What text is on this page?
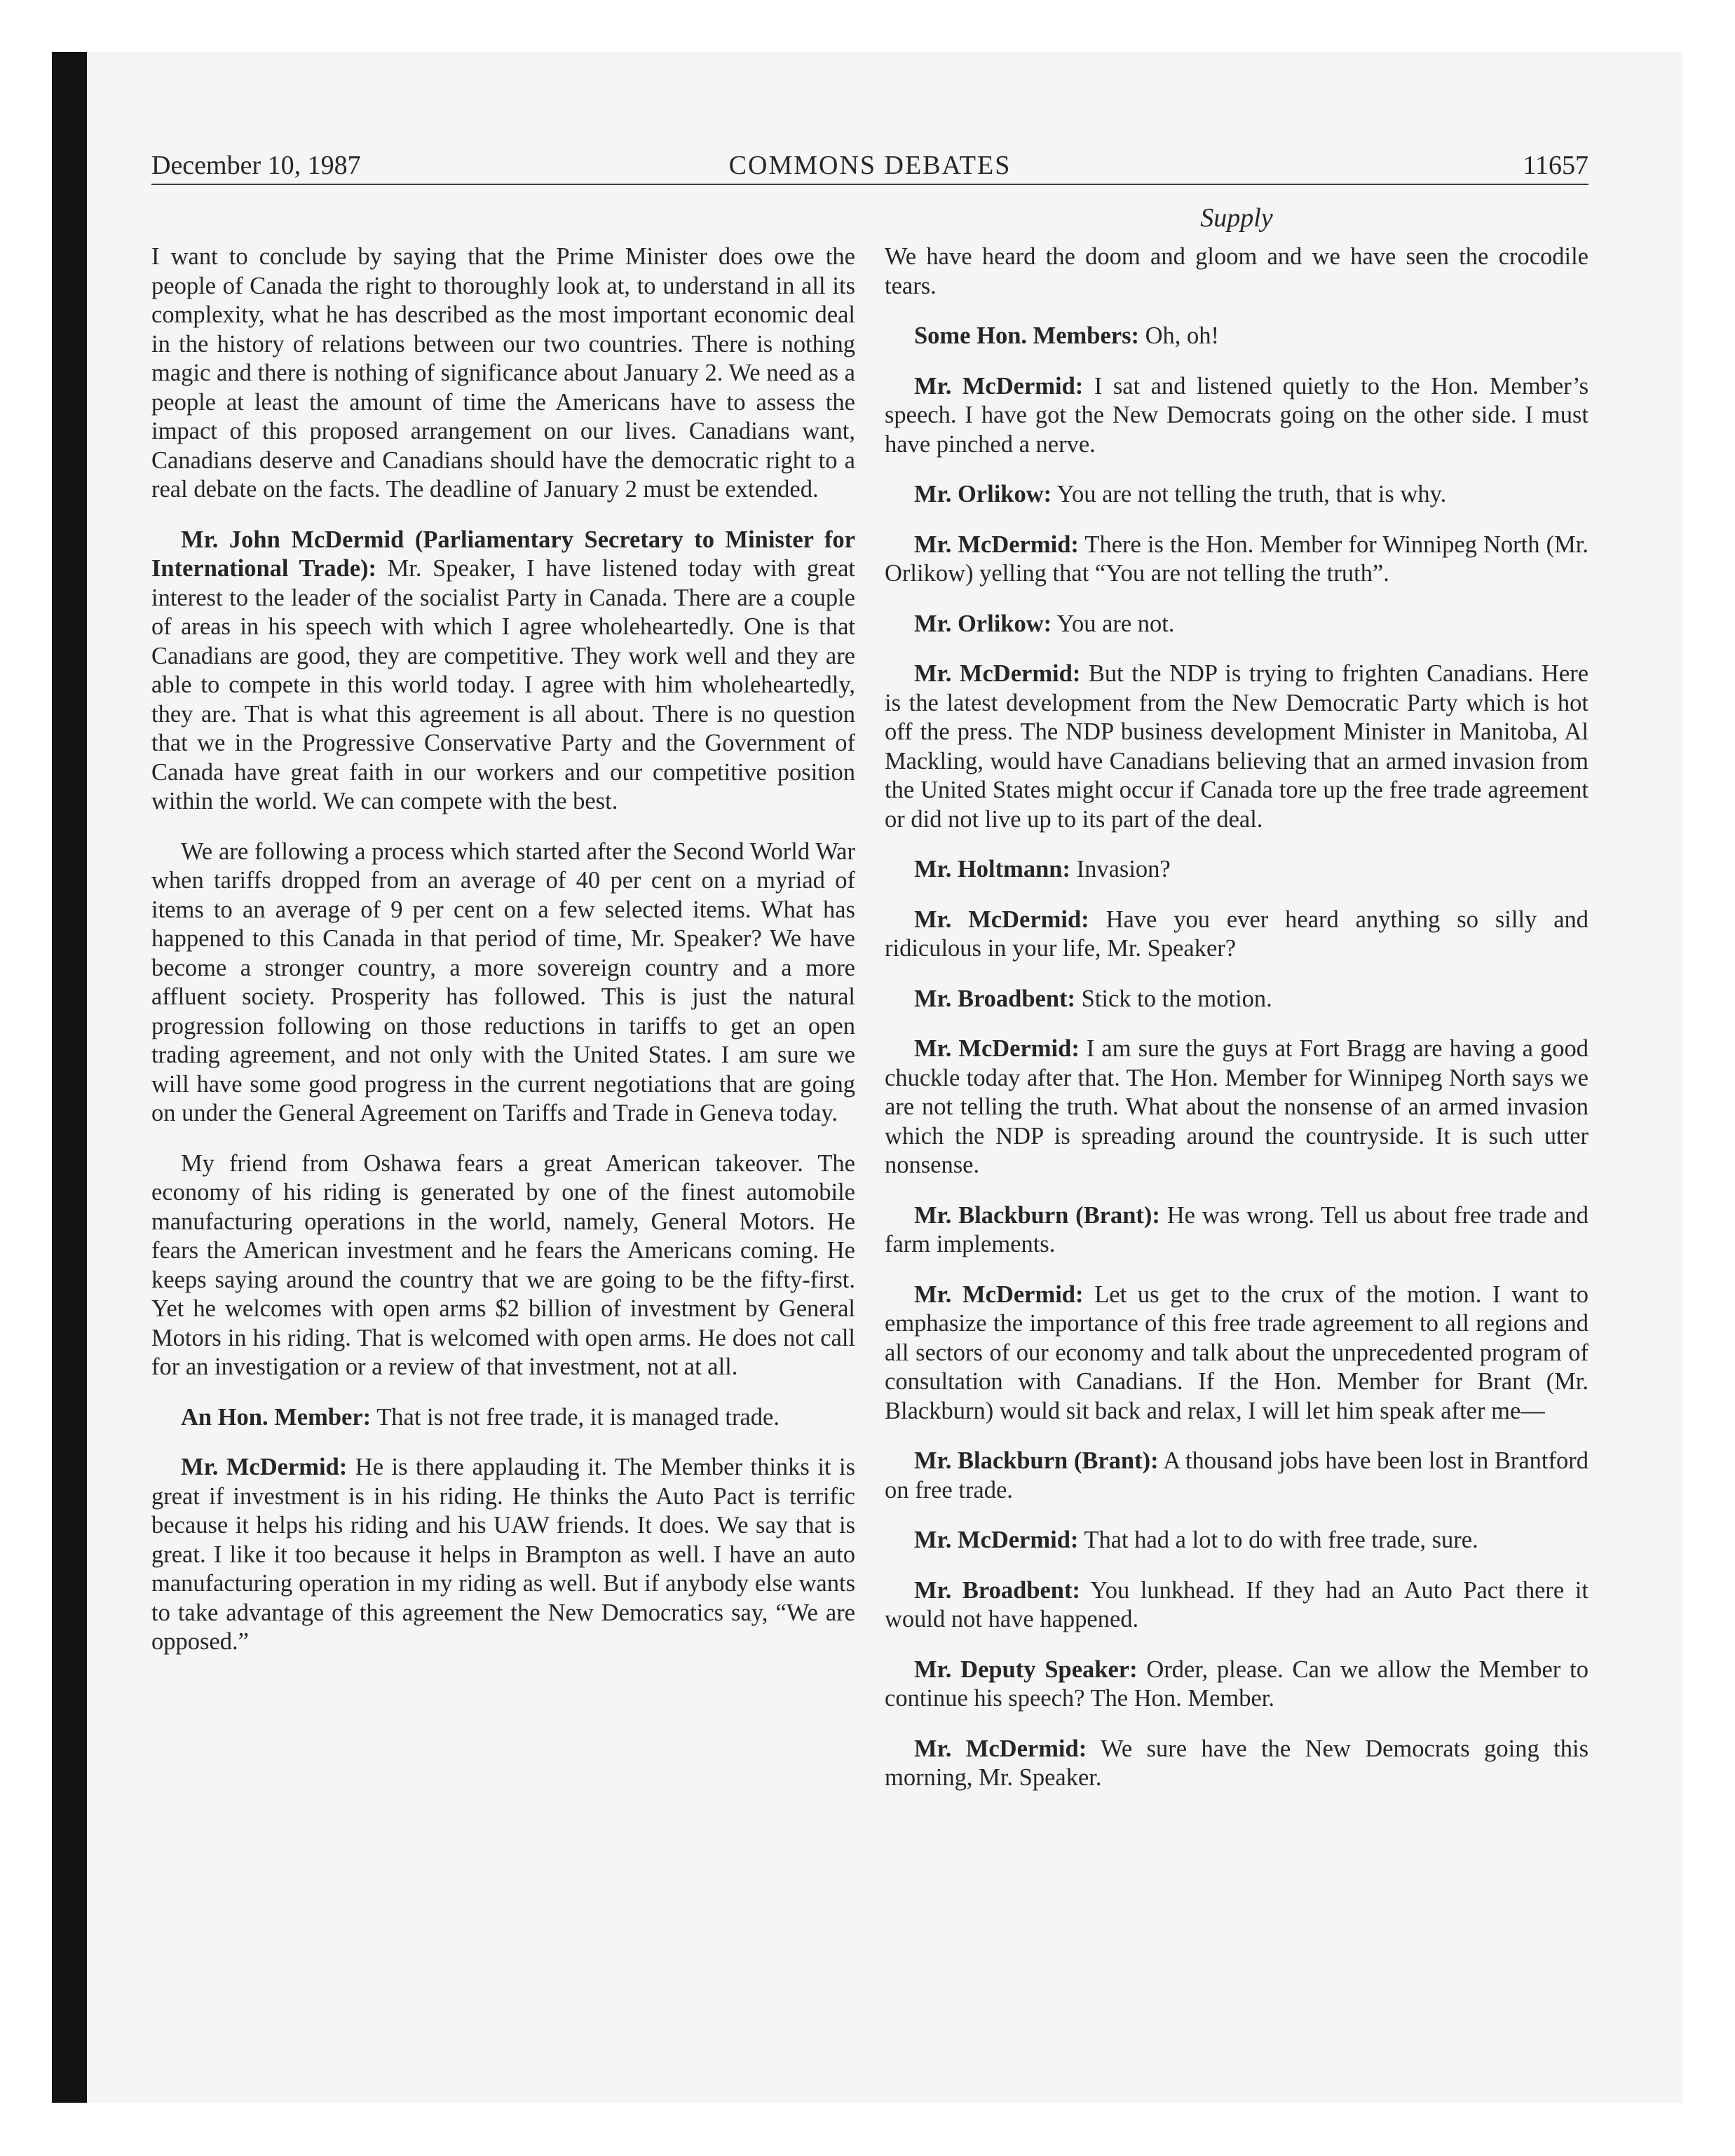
December 10, 1987	COMMONS DEBATES	11657
Supply

I want to conclude by saying that the Prime Minister does owe the people of Canada the right to thoroughly look at, to understand in all its complexity, what he has described as the most important economic deal in the history of relations between our two countries. There is nothing magic and there is nothing of significance about January 2. We need as a people at least the amount of time the Americans have to assess the impact of this proposed arrangement on our lives. Canadians want, Canadians deserve and Canadians should have the democratic right to a real debate on the facts. The deadline of January 2 must be extended.

Mr. John McDermid (Parliamentary Secretary to Minister for International Trade): Mr. Speaker, I have listened today with great interest to the leader of the socialist Party in Canada. There are a couple of areas in his speech with which I agree wholeheartedly. One is that Canadians are good, they are competitive. They work well and they are able to compete in this world today. I agree with him wholeheartedly, they are. That is what this agreement is all about. There is no question that we in the Progressive Conservative Party and the Government of Canada have great faith in our workers and our competitive position within the world. We can compete with the best.

We are following a process which started after the Second World War when tariffs dropped from an average of 40 per cent on a myriad of items to an average of 9 per cent on a few selected items. What has happened to this Canada in that period of time, Mr. Speaker? We have become a stronger country, a more sovereign country and a more affluent society. Prosperity has followed. This is just the natural progression following on those reductions in tariffs to get an open trading agreement, and not only with the United States. I am sure we will have some good progress in the current negotiations that are going on under the General Agreement on Tariffs and Trade in Geneva today.

My friend from Oshawa fears a great American takeover. The economy of his riding is generated by one of the finest automobile manufacturing operations in the world, namely, General Motors. He fears the American investment and he fears the Americans coming. He keeps saying around the country that we are going to be the fifty-first. Yet he welcomes with open arms $2 billion of investment by General Motors in his riding. That is welcomed with open arms. He does not call for an investigation or a review of that investment, not at all.

An Hon. Member: That is not free trade, it is managed trade.

Mr. McDermid: He is there applauding it. The Member thinks it is great if investment is in his riding. He thinks the Auto Pact is terrific because it helps his riding and his UAW friends. It does. We say that is great. I like it too because it helps in Brampton as well. I have an auto manufacturing operation in my riding as well. But if anybody else wants to take advantage of this agreement the New Democratics say, “We are opposed.”

We have heard the doom and gloom and we have seen the crocodile tears.

Some Hon. Members: Oh, oh!

Mr. McDermid: I sat and listened quietly to the Hon. Member’s speech. I have got the New Democrats going on the other side. I must have pinched a nerve.

Mr. Orlikow: You are not telling the truth, that is why.

Mr. McDermid: There is the Hon. Member for Winnipeg North (Mr. Orlikow) yelling that “You are not telling the truth”.

Mr. Orlikow: You are not.

Mr. McDermid: But the NDP is trying to frighten Canadians. Here is the latest development from the New Democratic Party which is hot off the press. The NDP business development Minister in Manitoba, Al Mackling, would have Canadians believing that an armed invasion from the United States might occur if Canada tore up the free trade agreement or did not live up to its part of the deal.

Mr. Holtmann: Invasion?

Mr. McDermid: Have you ever heard anything so silly and ridiculous in your life, Mr. Speaker?

Mr. Broadbent: Stick to the motion.

Mr. McDermid: I am sure the guys at Fort Bragg are having a good chuckle today after that. The Hon. Member for Winnipeg North says we are not telling the truth. What about the nonsense of an armed invasion which the NDP is spreading around the countryside. It is such utter nonsense.

Mr. Blackburn (Brant): He was wrong. Tell us about free trade and farm implements.

Mr. McDermid: Let us get to the crux of the motion. I want to emphasize the importance of this free trade agreement to all regions and all sectors of our economy and talk about the unprecedented program of consultation with Canadians. If the Hon. Member for Brant (Mr. Blackburn) would sit back and relax, I will let him speak after me—

Mr. Blackburn (Brant): A thousand jobs have been lost in Brantford on free trade.

Mr. McDermid: That had a lot to do with free trade, sure.

Mr. Broadbent: You lunkhead. If they had an Auto Pact there it would not have happened.

Mr. Deputy Speaker: Order, please. Can we allow the Member to continue his speech? The Hon. Member.

Mr. McDermid: We sure have the New Democrats going this morning, Mr. Speaker.
